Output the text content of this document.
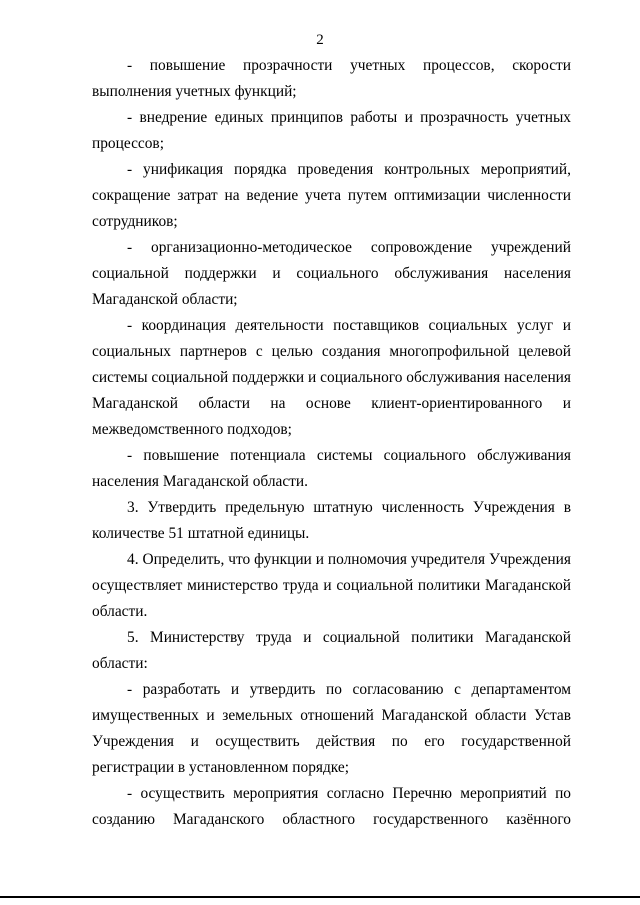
2

- повышение прозрачности учетных процессов, скорости выполнения учетных функций;

- внедрение единых принципов работы и прозрачность учетных процессов;

- унификация порядка проведения контрольных мероприятий, сокращение затрат на ведение учета путем оптимизации численности сотрудников;

- организационно-методическое сопровождение учреждений социальной поддержки и социального обслуживания населения Магаданской области;

- координация деятельности поставщиков социальных услуг и социальных партнеров с целью создания многопрофильной целевой системы социальной поддержки и социального обслуживания населения Магаданской области на основе клиент-ориентированного и межведомственного подходов;

- повышение потенциала системы социального обслуживания населения Магаданской области.

3. Утвердить предельную штатную численность Учреждения в количестве 51 штатной единицы.

4. Определить, что функции и полномочия учредителя Учреждения осуществляет министерство труда и социальной политики Магаданской области.

5. Министерству труда и социальной политики Магаданской области:

- разработать и утвердить по согласованию с департаментом имущественных и земельных отношений Магаданской области Устав Учреждения и осуществить действия по его государственной регистрации в установленном порядке;

- осуществить мероприятия согласно Перечню мероприятий по созданию Магаданского областного государственного казённого
